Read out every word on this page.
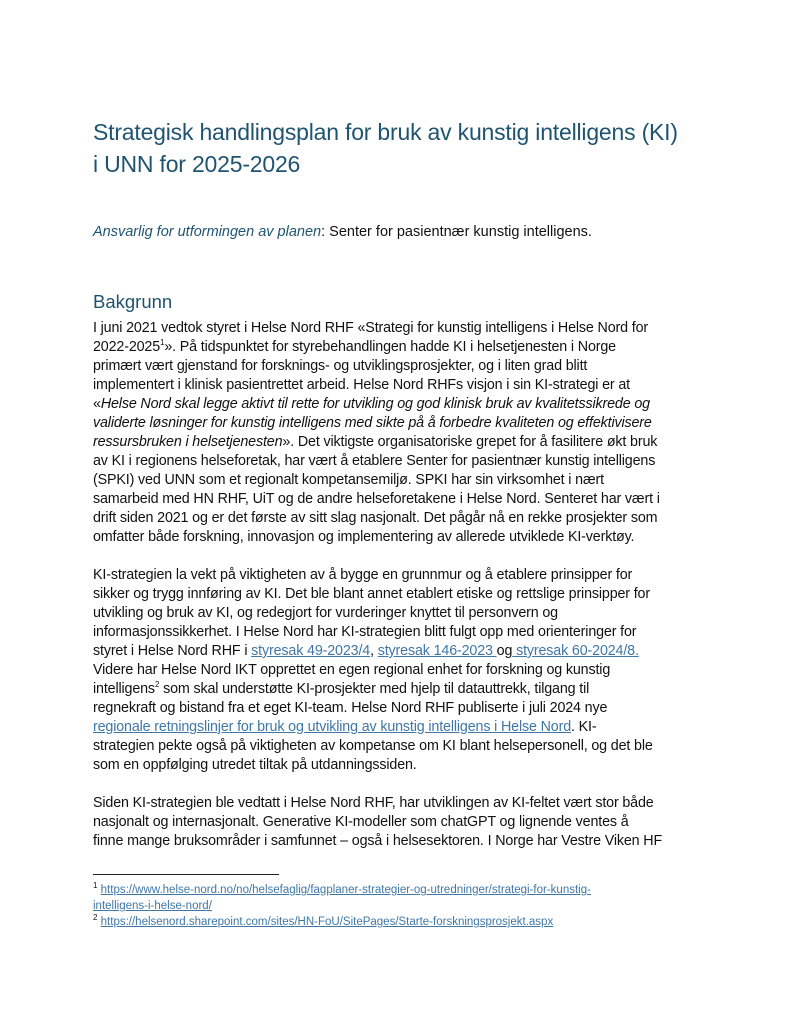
Strategisk handlingsplan for bruk av kunstig intelligens (KI)
i UNN for 2025-2026
Ansvarlig for utformingen av planen: Senter for pasientnær kunstig intelligens.
Bakgrunn
I juni 2021 vedtok styret i Helse Nord RHF «Strategi for kunstig intelligens i Helse Nord for
2022-2025$^1$». På tidspunktet for styrebehandlingen hadde KI i helsetjenesten i Norge
primært vært gjenstand for forsknings- og utviklingsprosjekter, og i liten grad blitt
implementert i klinisk pasientrettet arbeid. Helse Nord RHFs visjon i sin KI-strategi er at
«Helse Nord skal legge aktivt til rette for utvikling og god klinisk bruk av kvalitetssikrede og
validerte løsninger for kunstig intelligens med sikte på å forbedre kvaliteten og effektivisere
ressursbruken i helsetjenesten». Det viktigste organisatoriske grepet for å fasilitere økt bruk
av KI i regionens helseforetak, har vært å etablere Senter for pasientnær kunstig intelligens
(SPKI) ved UNN som et regionalt kompetansemiljø. SPKI har sin virksomhet i nært
samarbeid med HN RHF, UiT og de andre helseforetakene i Helse Nord. Senteret har vært i
drift siden 2021 og er det første av sitt slag nasjonalt. Det pågår nå en rekke prosjekter som
omfatter både forskning, innovasjon og implementering av allerede utviklede KI-verktøy.
KI-strategien la vekt på viktigheten av å bygge en grunnmur og å etablere prinsipper for
sikker og trygg innføring av KI. Det ble blant annet etablert etiske og rettslige prinsipper for
utvikling og bruk av KI, og redegjort for vurderinger knyttet til personvern og
informasjonssikkerhet. I Helse Nord har KI-strategien blitt fulgt opp med orienteringer for
styret i Helse Nord RHF i styresak 49-2023/4, styresak 146-2023 og styresak 60-2024/8.
Videre har Helse Nord IKT opprettet en egen regional enhet for forskning og kunstig
intelligens$^2$ som skal understøtte KI-prosjekter med hjelp til datauttrekk, tilgang til
regnekraft og bistand fra et eget KI-team. Helse Nord RHF publiserte i juli 2024 nye
regionale retningslinjer for bruk og utvikling av kunstig intelligens i Helse Nord. KI-
strategien pekte også på viktigheten av kompetanse om KI blant helsepersonell, og det ble
som en oppfølging utredet tiltak på utdanningssiden.
Siden KI-strategien ble vedtatt i Helse Nord RHF, har utviklingen av KI-feltet vært stor både
nasjonalt og internasjonalt. Generative KI-modeller som chatGPT og lignende ventes å
finne mange bruksområder i samfunnet – også i helsesektoren. I Norge har Vestre Viken HF
$^1$ https://www.helse-nord.no/no/helsefaglig/fagplaner-strategier-og-utredninger/strategi-for-kunstig-
intelligens-i-helse-nord/
$^2$ https://helsenord.sharepoint.com/sites/HN-FoU/SitePages/Starte-forskningsprosjekt.aspx
